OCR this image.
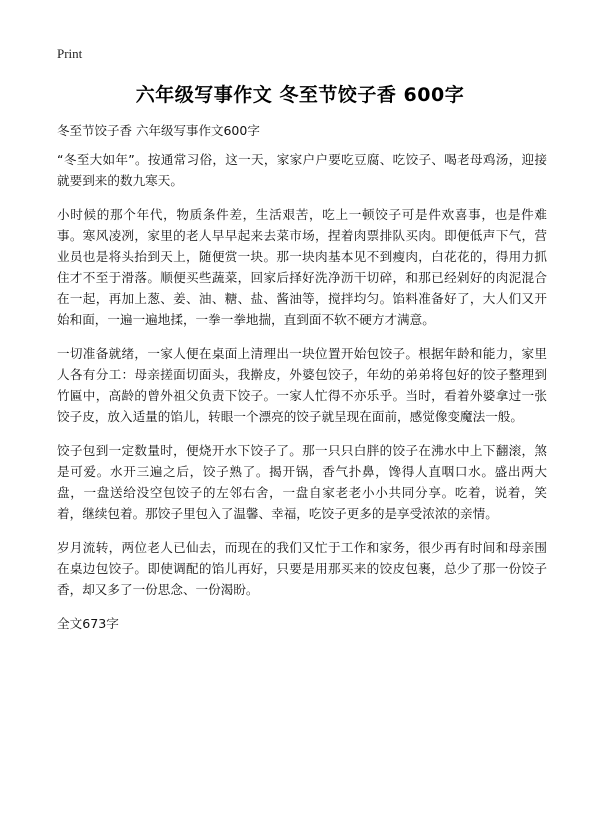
Print
六年级写事作文 冬至节饺子香 600字
冬至节饺子香 六年级写事作文600字

“冬至大如年”。按通常习俗，这一天，家家户户要吃豆腐、吃饺子、喝老母鸡汤，迎接就要到来的数九寒天。

小时候的那个年代，物质条件差，生活艰苦，吃上一顿饺子可是件欢喜事，也是件难事。寒风凌冽，家里的老人早早起来去菜市场，捏着肉票排队买肉。即便低声下气，营业员也是将头抬到天上，随便赏一块。那一块肉基本见不到瘦肉，白花花的，得用力抓住才不至于滑落。顺便买些蔬菜，回家后择好洗净沥干切碎，和那已经剁好的肉泥混合在一起，再加上葱、姜、油、糖、盐、酱油等，搅拌均匀。馅料准备好了，大人们又开始和面，一遍一遍地揉，一拳一拳地揣，直到面不软不硬方才满意。

一切准备就绪，一家人便在桌面上清理出一块位置开始包饺子。根据年龄和能力，家里人各有分工：母亲搓面切面头，我擀皮，外婆包饺子，年幼的弟弟将包好的饺子整理到竹匾中，高龄的曾外祖父负责下饺子。一家人忙得不亦乐乎。当时，看着外婆拿过一张饺子皮，放入适量的馅儿，转眼一个漂亮的饺子就呈现在面前，感觉像变魔法一般。

饺子包到一定数量时，便烧开水下饺子了。那一只只白胖的饺子在沸水中上下翻滚，煞是可爱。水开三遍之后，饺子熟了。揭开锅，香气扑鼻，馋得人直咽口水。盛出两大盘，一盘送给没空包饺子的左邻右舍，一盘自家老老小小共同分享。吃着，说着，笑着，继续包着。那饺子里包入了温馨、幸福，吃饺子更多的是享受浓浓的亲情。

岁月流转，两位老人已仙去，而现在的我们又忙于工作和家务，很少再有时间和母亲围在桌边包饺子。即使调配的馅儿再好，只要是用那买来的饺皮包裹，总少了那一份饺子香，却又多了一份思念、一份渴盼。

全文673字
